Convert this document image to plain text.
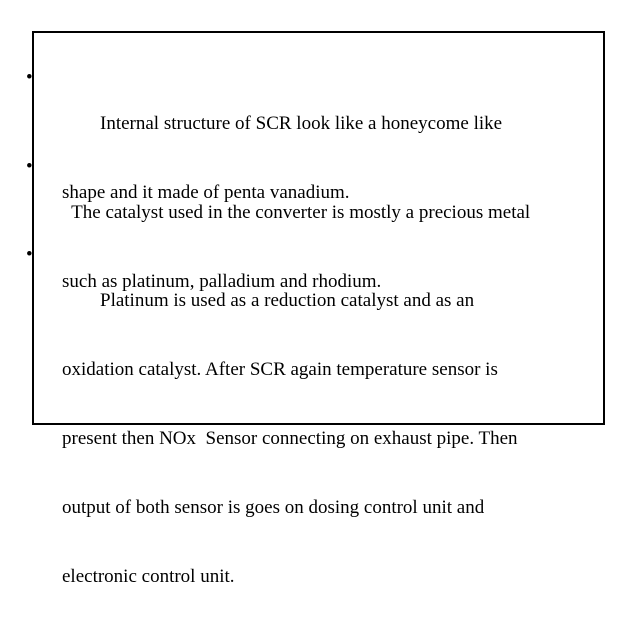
•

Internal structure of SCR look like a honeycome like

shape and it made of penta vanadium.

•

The catalyst used in the converter is mostly a precious metal

such as platinum, palladium and rhodium.

•

Platinum is used as a reduction catalyst and as an

oxidation catalyst. After SCR again temperature sensor is

present then NOx  Sensor connecting on exhaust pipe. Then

output of both sensor is goes on dosing control unit and

electronic control unit.
